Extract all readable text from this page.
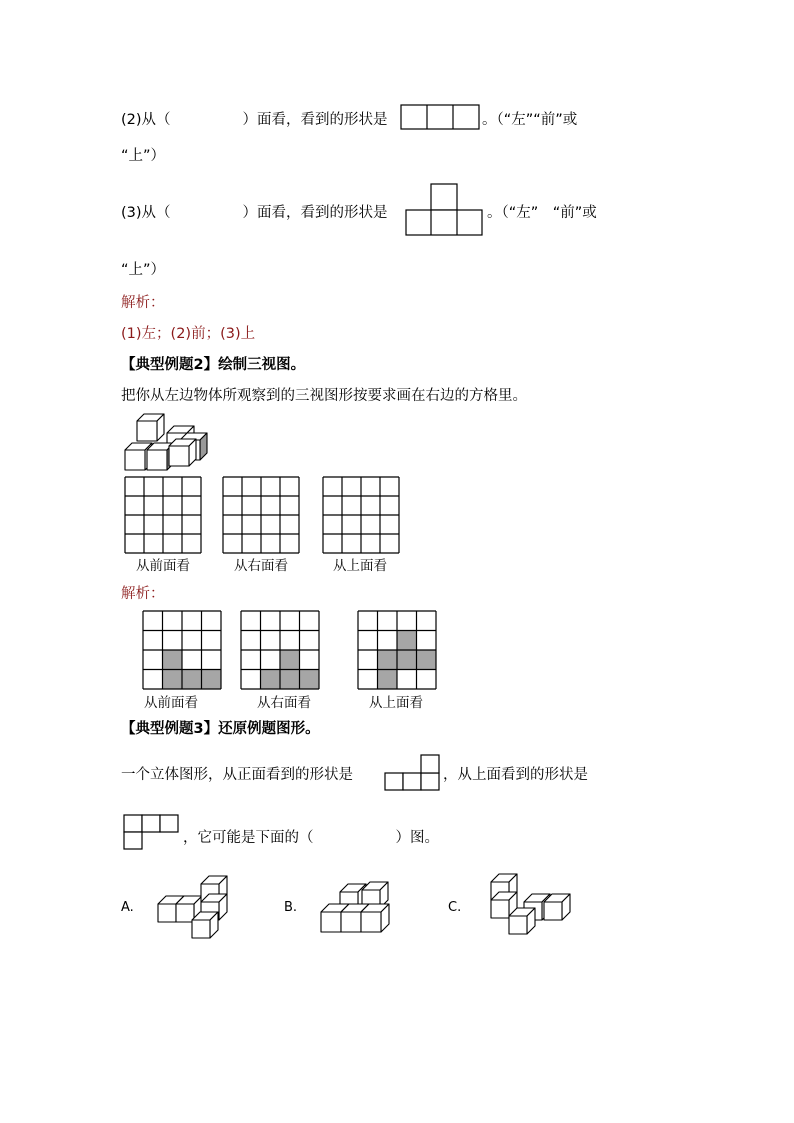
(2)从（	）面看，看到的形状是	。（“左”“前”或
“上”）
(3)从（	）面看，看到的形状是	。（“左”　“前”或
“上”）
解析：
(1)左；(2)前；(3)上
【典型例题2】绘制三视图。
把你从左边物体所观察到的三视图形按要求画在右边的方格里。
从前面看	从右面看	从上面看
解析：
从前面看	从右面看	从上面看
【典型例题3】还原例题图形。
一个立体图形，从正面看到的形状是	，从上面看到的形状是
，它可能是下面的（	）图。
A.	B.	C.
